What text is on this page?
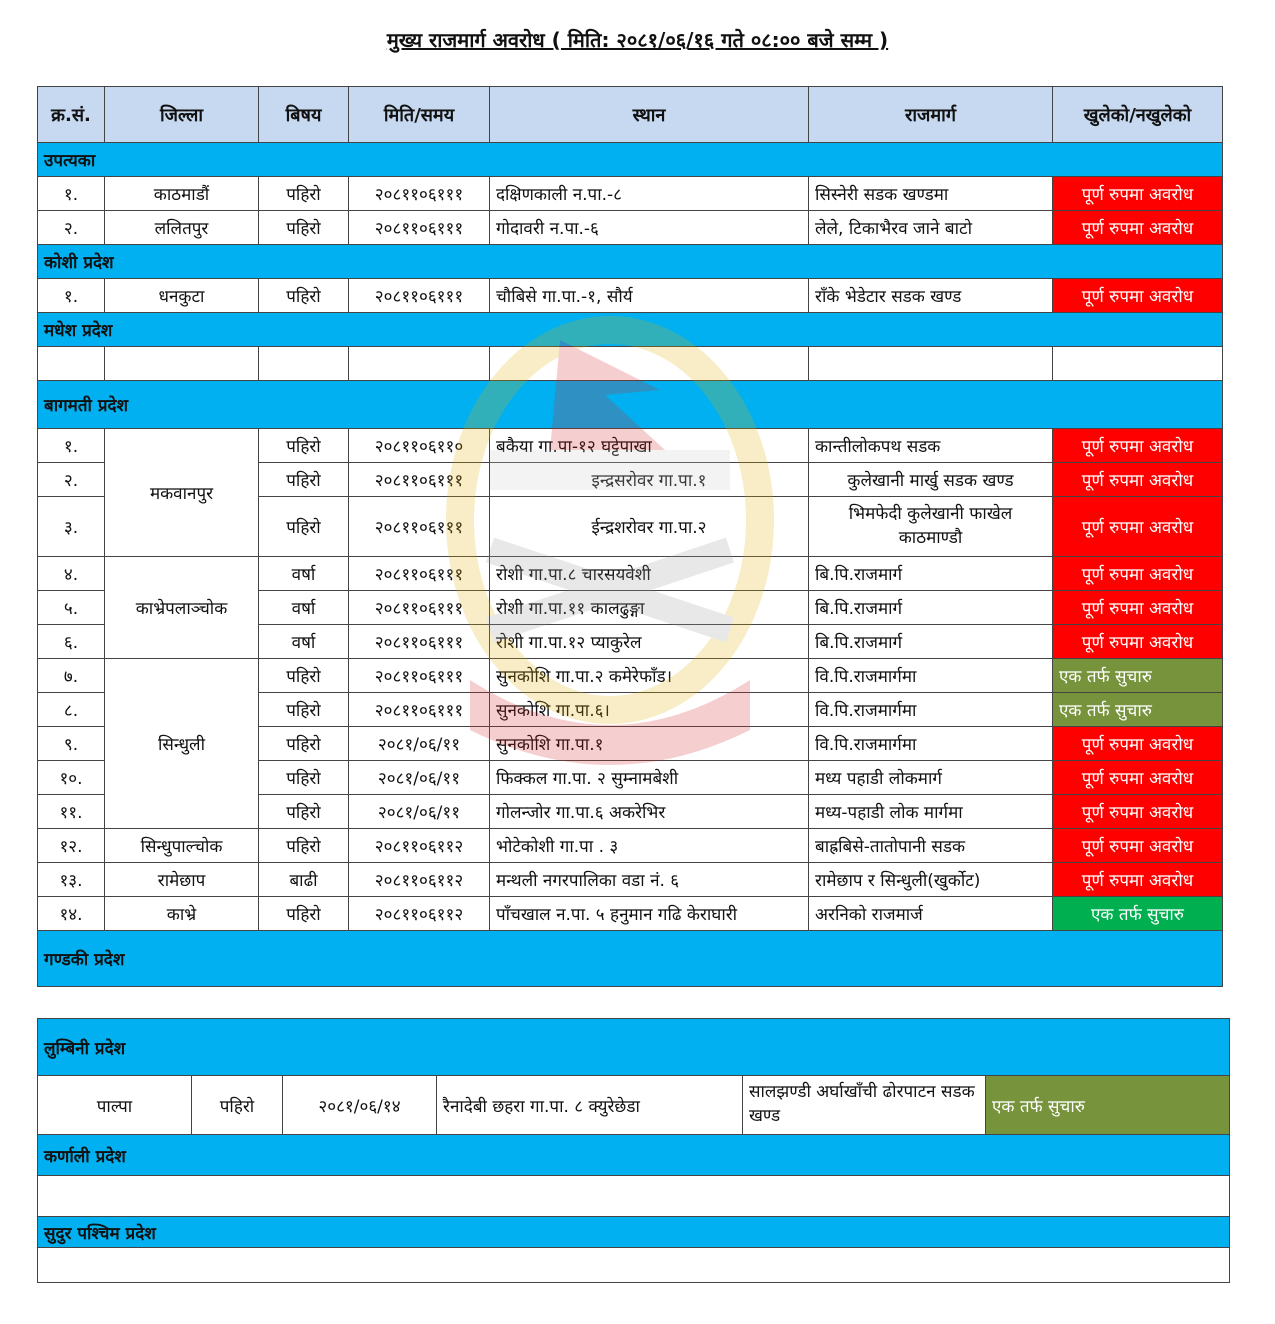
मुख्य राजमार्ग अवरोध ( मिति: २०८१/०६/१६ गते ०८:०० बजे सम्म )
क्र.सं.	जिल्ला	बिषय	मिति/समय	स्थान	राजमार्ग	खुलेको/नखुलेको
उपत्यका						
१.	काठमाडौं	पहिरो	२०८११०६१११	दक्षिणकाली न.पा.-८	सिस्नेरी सडक खण्डमा	पूर्ण रुपमा अवरोध
२.	ललितपुर	पहिरो	२०८११०६१११	गोदावरी न.पा.-६	लेले, टिकाभैरव जाने बाटो	पूर्ण रुपमा अवरोध
कोशी प्रदेश						
१.	धनकुटा	पहिरो	२०८११०६१११	चौबिसे गा.पा.-१, सौर्य	राँके भेडेटार सडक खण्ड	पूर्ण रुपमा अवरोध
मधेश प्रदेश						

बागमती प्रदेश						
१.	मकवानपुर	पहिरो	२०८११०६११०	बकैया गा.पा-१२ घट्टेपाखा	कान्तीलोकपथ सडक	पूर्ण रुपमा अवरोध
२.		पहिरो	२०८११०६१११	इन्द्रसरोवर गा.पा.१	कुलेखानी मार्खु सडक खण्ड	पूर्ण रुपमा अवरोध
३.		पहिरो	२०८११०६१११	ईन्द्रशरोवर गा.पा.२	भिमफेदी कुलेखानी फाखेल काठमाण्डौ	पूर्ण रुपमा अवरोध
४.	काभ्रेपलाञ्चोक	वर्षा	२०८११०६१११	रोशी गा.पा.८ चारसयवेशी	बि.पि.राजमार्ग	पूर्ण रुपमा अवरोध
५.		वर्षा	२०८११०६१११	रोशी गा.पा.११ कालढुङ्गा	बि.पि.राजमार्ग	पूर्ण रुपमा अवरोध
६.		वर्षा	२०८११०६१११	रोशी गा.पा.१२ प्याकुरेल	बि.पि.राजमार्ग	पूर्ण रुपमा अवरोध
७.	सिन्धुली	पहिरो	२०८११०६१११	सुनकोशि गा.पा.२ कमेरेफाँड।	वि.पि.राजमार्गमा	एक तर्फ सुचारु
८.		पहिरो	२०८११०६१११	सुनकोशि गा.पा.६।	वि.पि.राजमार्गमा	एक तर्फ सुचारु
९.		पहिरो	२०८१/०६/११	सुनकोशि गा.पा.१	वि.पि.राजमार्गमा	पूर्ण रुपमा अवरोध
१०.		पहिरो	२०८१/०६/११	फिक्कल गा.पा. २ सुम्नामबेशी	मध्य पहाडी लोकमार्ग	पूर्ण रुपमा अवरोध
११.		पहिरो	२०८१/०६/११	गोलन्जोर गा.पा.६ अकरेभिर	मध्य-पहाडी लोक मार्गमा	पूर्ण रुपमा अवरोध
१२.	सिन्धुपाल्चोक	पहिरो	२०८११०६११२	भोटेकोशी गा.पा . ३	बाह्रबिसे-तातोपानी सडक	पूर्ण रुपमा अवरोध
१३.	रामेछाप	बाढी	२०८११०६११२	मन्थली नगरपालिका वडा नं. ६	रामेछाप र सिन्धुली(खुर्कोट)	पूर्ण रुपमा अवरोध
१४.	काभ्रे	पहिरो	२०८११०६११२	पाँचखाल न.पा. ५ हनुमान गढि केराघारी	अरनिको राजमार्ज	एक तर्फ सुचारु
गण्डकी प्रदेश						
लुम्बिनी प्रदेश
पाल्पा	पहिरो	२०८१/०६/१४	रैनादेबी छहरा गा.पा. ८ क्युरेछेडा	सालझण्डी अर्घाखाँची ढोरपाटन सडक खण्ड	एक तर्फ सुचारु
कर्णाली प्रदेश

सुदुर पश्चिम प्रदेश
